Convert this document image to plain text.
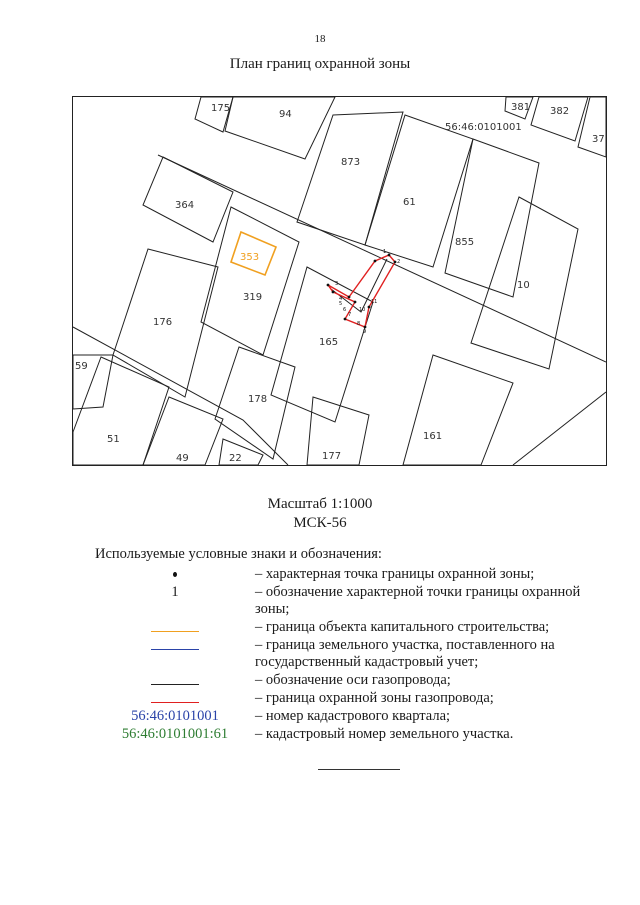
18
План границ охранной зоны
1
2
3
4
5
6
7
8
9
10
11
56:46:0101001
175
94
381 382
37
873
61
364
855
353
10
319
176
165
59
178
51
49	22	177
161
Масштаб 1:1000
МСК-56
Используемые условные знаки и обозначения:
– характерная точка границы охранной зоны;
1	– обозначение характерной точки границы охранной зоны;
– граница объекта капитального строительства;
– граница земельного участка, поставленного на государственный кадастровый учет;
– обозначение оси газопровода;
– граница охранной зоны газопровода;
56:46:0101001 – номер кадастрового квартала;
56:46:0101001:61 – кадастровый номер земельного участка.
